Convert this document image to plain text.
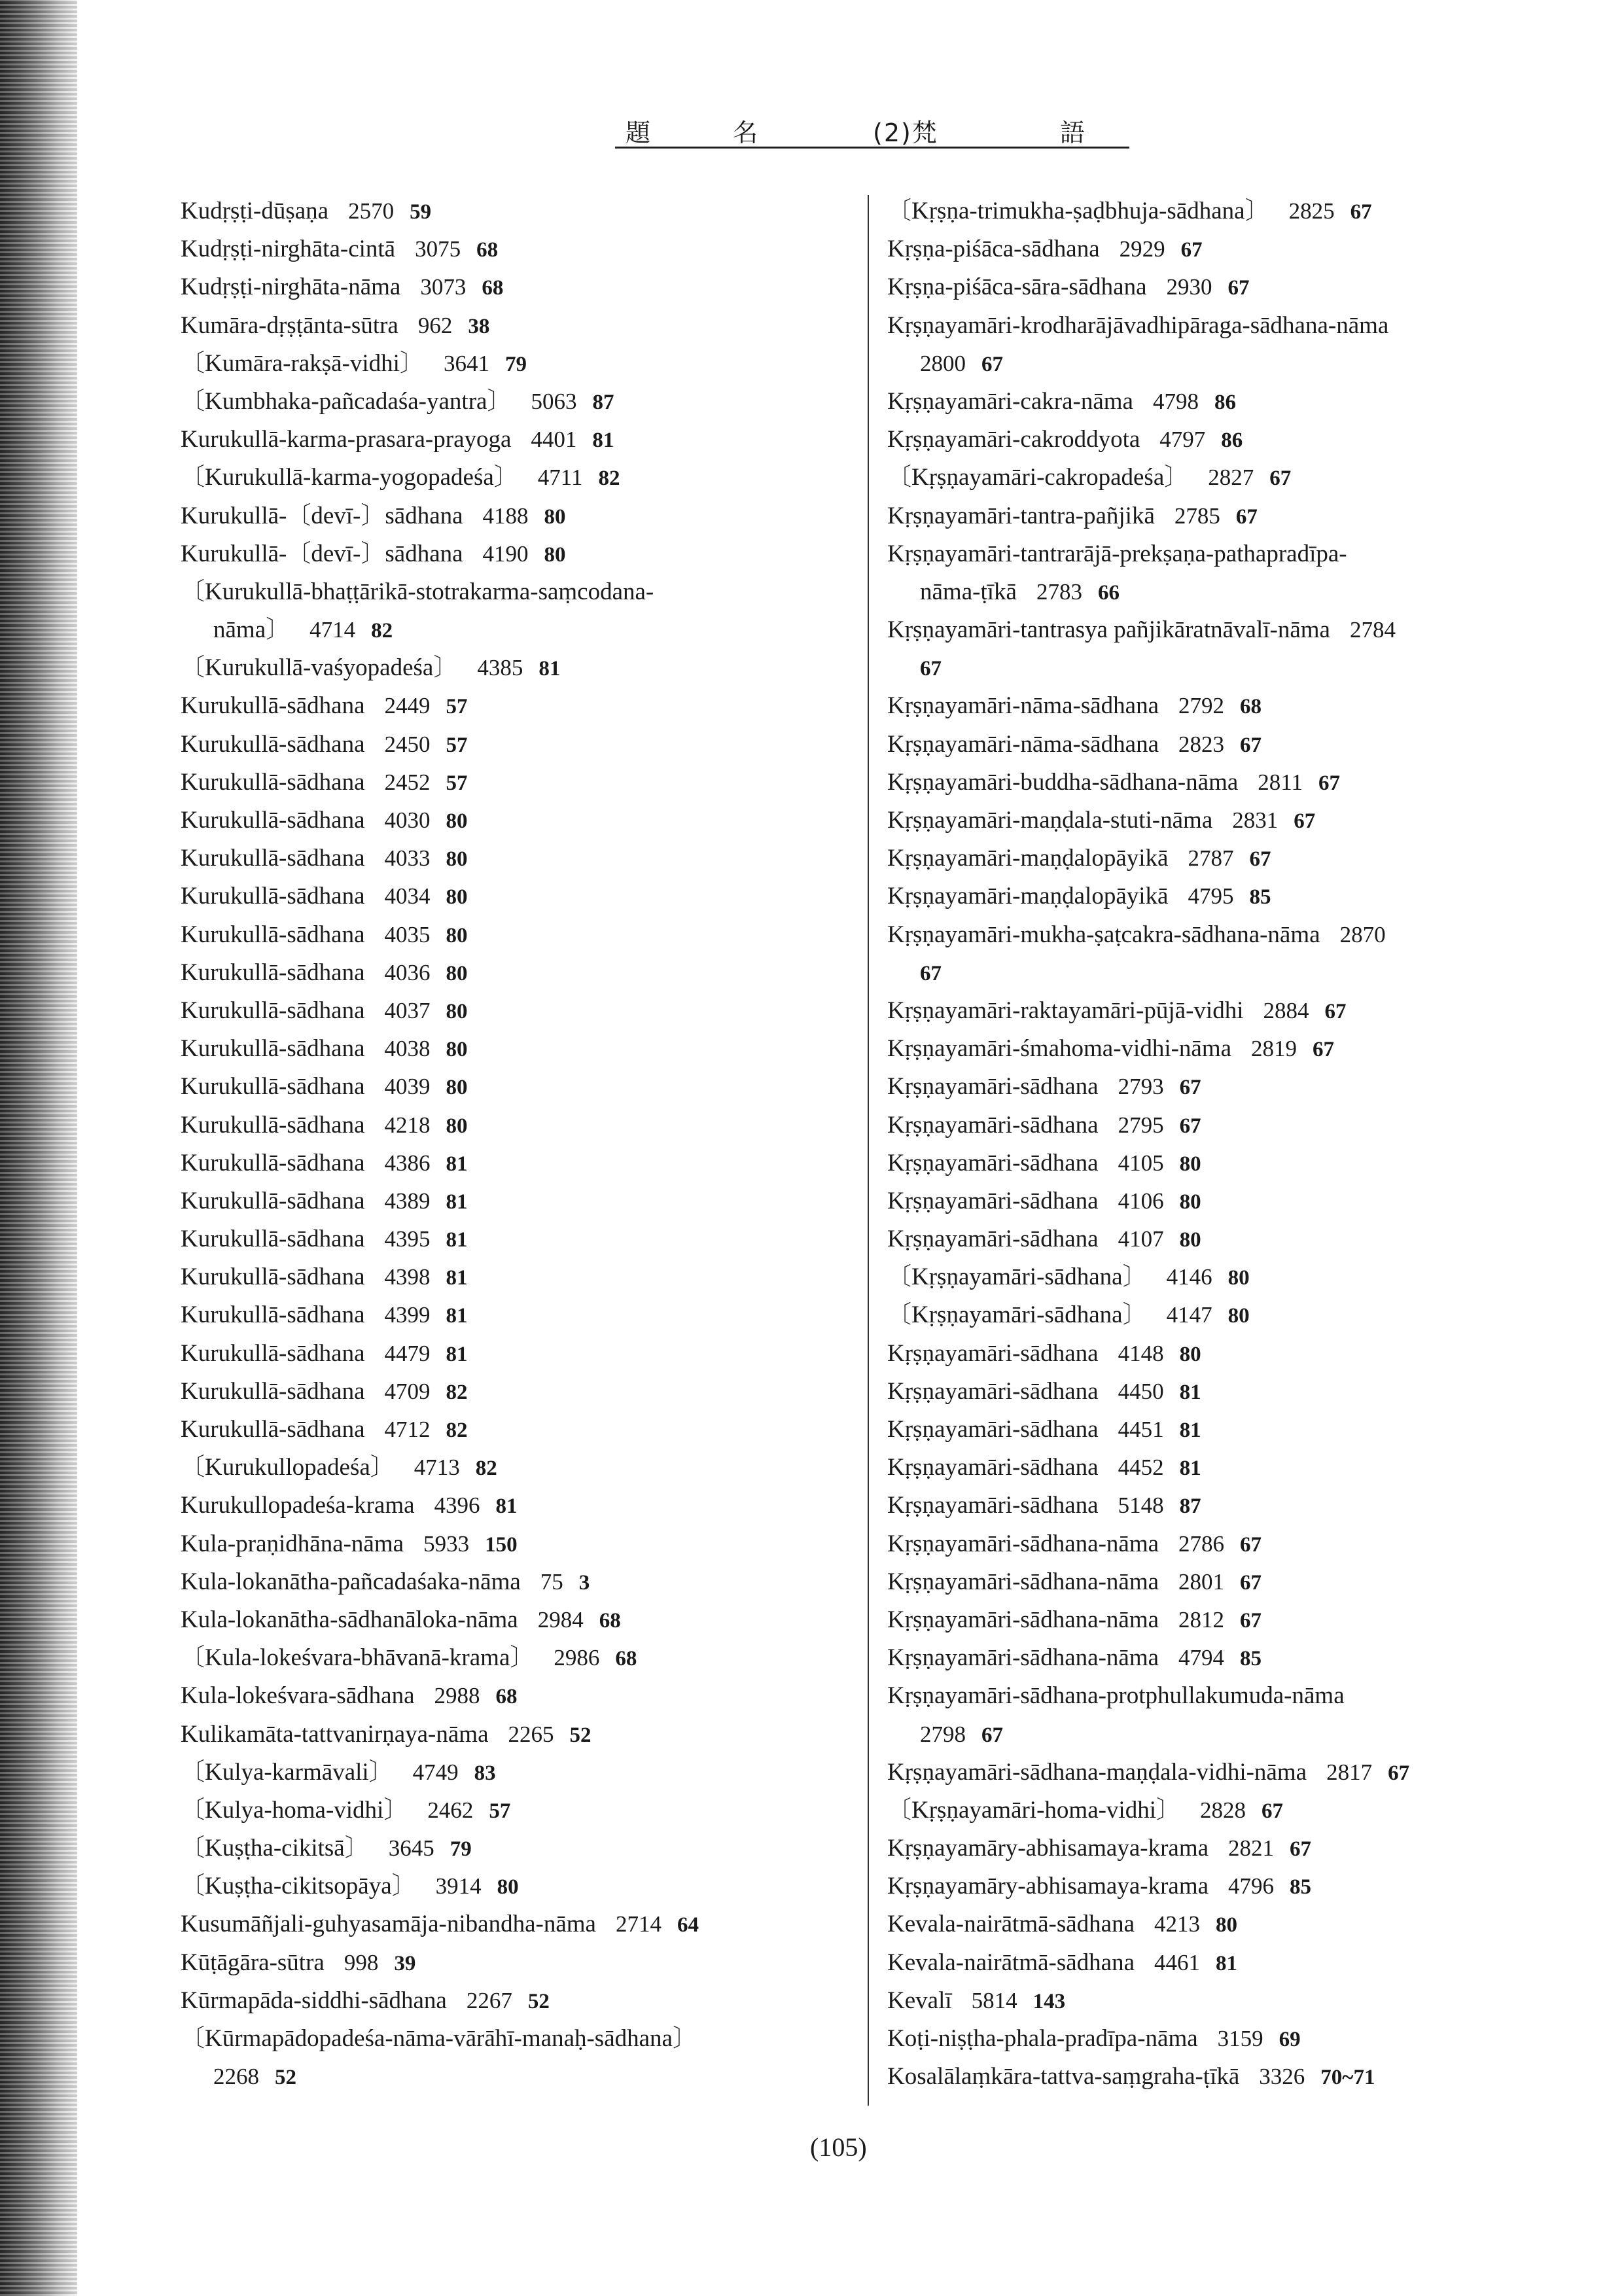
題	名	(2)梵	語
Kudṛṣṭi-dūṣaṇa 2570 59
Kudṛṣṭi-nirghāta-cintā 3075 68
Kudṛṣṭi-nirghāta-nāma 3073 68
Kumāra-dṛṣṭānta-sūtra 962 38
〔Kumāra-rakṣā-vidhi〕 3641 79
〔Kumbhaka-pañcadaśa-yantra〕 5063 87
Kurukullā-karma-prasara-prayoga 4401 81
〔Kurukullā-karma-yogopadeśa〕 4711 82
Kurukullā-〔devī-〕sādhana 4188 80
Kurukullā-〔devī-〕sādhana 4190 80
〔Kurukullā-bhaṭṭārikā-stotrakarma-saṃcodana-
nāma〕 4714 82
〔Kurukullā-vaśyopadeśa〕 4385 81
Kurukullā-sādhana 2449 57
Kurukullā-sādhana 2450 57
Kurukullā-sādhana 2452 57
Kurukullā-sādhana 4030 80
Kurukullā-sādhana 4033 80
Kurukullā-sādhana 4034 80
Kurukullā-sādhana 4035 80
Kurukullā-sādhana 4036 80
Kurukullā-sādhana 4037 80
Kurukullā-sādhana 4038 80
Kurukullā-sādhana 4039 80
Kurukullā-sādhana 4218 80
Kurukullā-sādhana 4386 81
Kurukullā-sādhana 4389 81
Kurukullā-sādhana 4395 81
Kurukullā-sādhana 4398 81
Kurukullā-sādhana 4399 81
Kurukullā-sādhana 4479 81
Kurukullā-sādhana 4709 82
Kurukullā-sādhana 4712 82
〔Kurukullopadeśa〕 4713 82
Kurukullopadeśa-krama 4396 81
Kula-praṇidhāna-nāma 5933 150
Kula-lokanātha-pañcadaśaka-nāma 75 3
Kula-lokanātha-sādhanāloka-nāma 2984 68
〔Kula-lokeśvara-bhāvanā-krama〕 2986 68
Kula-lokeśvara-sādhana 2988 68
Kulikamāta-tattvanirṇaya-nāma 2265 52
〔Kulya-karmāvali〕 4749 83
〔Kulya-homa-vidhi〕 2462 57
〔Kuṣṭha-cikitsā〕 3645 79
〔Kuṣṭha-cikitsopāya〕 3914 80
Kusumāñjali-guhyasamāja-nibandha-nāma 2714 64
Kūṭāgāra-sūtra 998 39
Kūrmapāda-siddhi-sādhana 2267 52
〔Kūrmapādopadeśa-nāma-vārāhī-manaḥ-sādhana〕
2268 52
〔Kṛṣṇa-trimukha-ṣaḍbhuja-sādhana〕 2825 67
Kṛṣṇa-piśāca-sādhana 2929 67
Kṛṣṇa-piśāca-sāra-sādhana 2930 67
Kṛṣṇayamāri-krodharājāvadhipāraga-sādhana-nāma
2800 67
Kṛṣṇayamāri-cakra-nāma 4798 86
Kṛṣṇayamāri-cakroddyota 4797 86
〔Kṛṣṇayamāri-cakropadeśa〕 2827 67
Kṛṣṇayamāri-tantra-pañjikā 2785 67
Kṛṣṇayamāri-tantrarājā-prekṣaṇa-pathapradīpa-
nāma-ṭīkā 2783 66
Kṛṣṇayamāri-tantrasya pañjikāratnāvalī-nāma 2784
67
Kṛṣṇayamāri-nāma-sādhana 2792 68
Kṛṣṇayamāri-nāma-sādhana 2823 67
Kṛṣṇayamāri-buddha-sādhana-nāma 2811 67
Kṛṣṇayamāri-maṇḍala-stuti-nāma 2831 67
Kṛṣṇayamāri-maṇḍalopāyikā 2787 67
Kṛṣṇayamāri-maṇḍalopāyikā 4795 85
Kṛṣṇayamāri-mukha-ṣaṭcakra-sādhana-nāma 2870
67
Kṛṣṇayamāri-raktayamāri-pūjā-vidhi 2884 67
Kṛṣṇayamāri-śmahoma-vidhi-nāma 2819 67
Kṛṣṇayamāri-sādhana 2793 67
Kṛṣṇayamāri-sādhana 2795 67
Kṛṣṇayamāri-sādhana 4105 80
Kṛṣṇayamāri-sādhana 4106 80
Kṛṣṇayamāri-sādhana 4107 80
〔Kṛṣṇayamāri-sādhana〕 4146 80
〔Kṛṣṇayamāri-sādhana〕 4147 80
Kṛṣṇayamāri-sādhana 4148 80
Kṛṣṇayamāri-sādhana 4450 81
Kṛṣṇayamāri-sādhana 4451 81
Kṛṣṇayamāri-sādhana 4452 81
Kṛṣṇayamāri-sādhana 5148 87
Kṛṣṇayamāri-sādhana-nāma 2786 67
Kṛṣṇayamāri-sādhana-nāma 2801 67
Kṛṣṇayamāri-sādhana-nāma 2812 67
Kṛṣṇayamāri-sādhana-nāma 4794 85
Kṛṣṇayamāri-sādhana-protphullakumuda-nāma
2798 67
Kṛṣṇayamāri-sādhana-maṇḍala-vidhi-nāma 2817 67
〔Kṛṣṇayamāri-homa-vidhi〕 2828 67
Kṛṣṇayamāry-abhisamaya-krama 2821 67
Kṛṣṇayamāry-abhisamaya-krama 4796 85
Kevala-nairātmā-sādhana 4213 80
Kevala-nairātmā-sādhana 4461 81
Kevalī 5814 143
Koṭi-niṣṭha-phala-pradīpa-nāma 3159 69
Kosalālaṃkāra-tattva-saṃgraha-ṭīkā 3326 70~71
(105)
